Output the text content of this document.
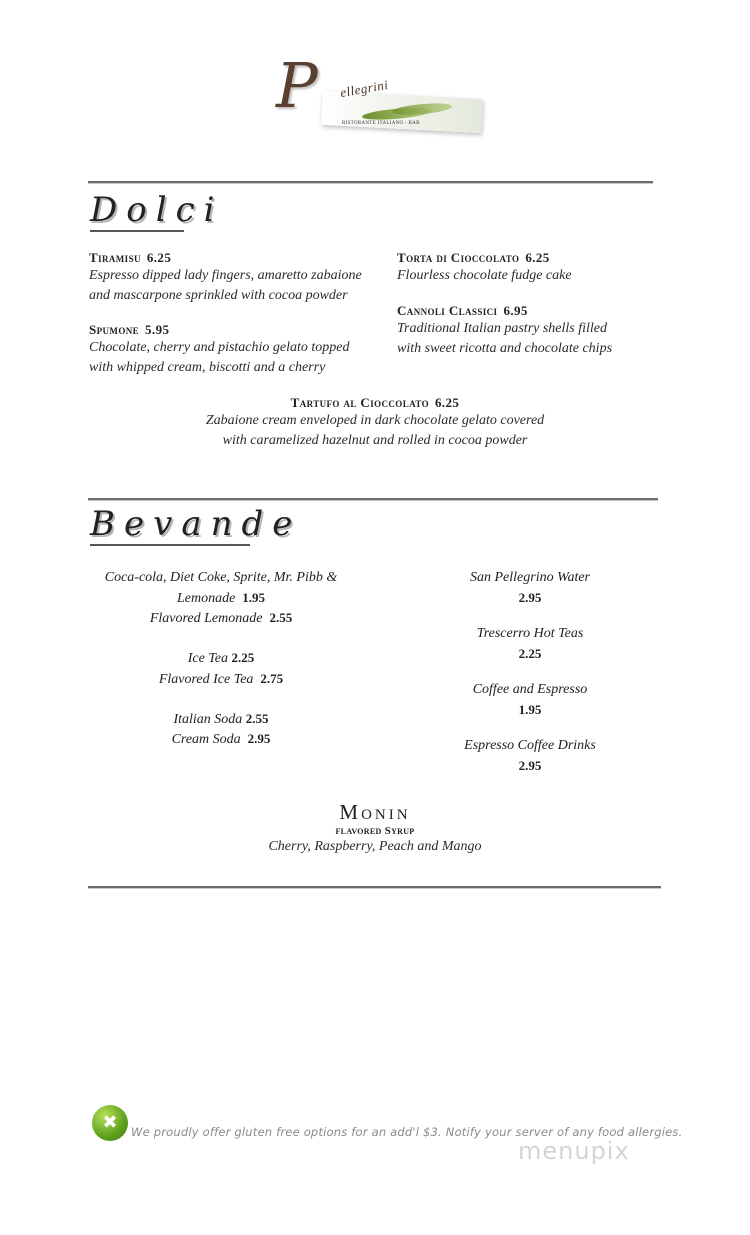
P ellegrini
RISTORANTE ITALIANO - BAR
Dolci
Tiramisu 6.25
Espresso dipped lady fingers, amaretto zabaione
and mascarpone sprinkled with cocoa powder
Spumone 5.95
Chocolate, cherry and pistachio gelato topped
with whipped cream, biscotti and a cherry
Torta di Cioccolato 6.25
Flourless chocolate fudge cake
Cannoli Classici 6.95
Traditional Italian pastry shells filled
with sweet ricotta and chocolate chips
Tartufo al Cioccolato 6.25
Zabaione cream enveloped in dark chocolate gelato covered
with caramelized hazelnut and rolled in cocoa powder
Bevande
Coca-cola, Diet Coke, Sprite, Mr. Pibb &
Lemonade 1.95
Flavored Lemonade 2.55
Ice Tea 2.25
Flavored Ice Tea 2.75
Italian Soda 2.55
Cream Soda 2.95
San Pellegrino Water
2.95
Trescerro Hot Teas
2.25
Coffee and Espresso
1.95
Espresso Coffee Drinks
2.95
Monin
flavored Syrup
Cherry, Raspberry, Peach and Mango
✖	We proudly offer gluten free options for an add'l $3. Notify your server of any food allergies.
menupix
